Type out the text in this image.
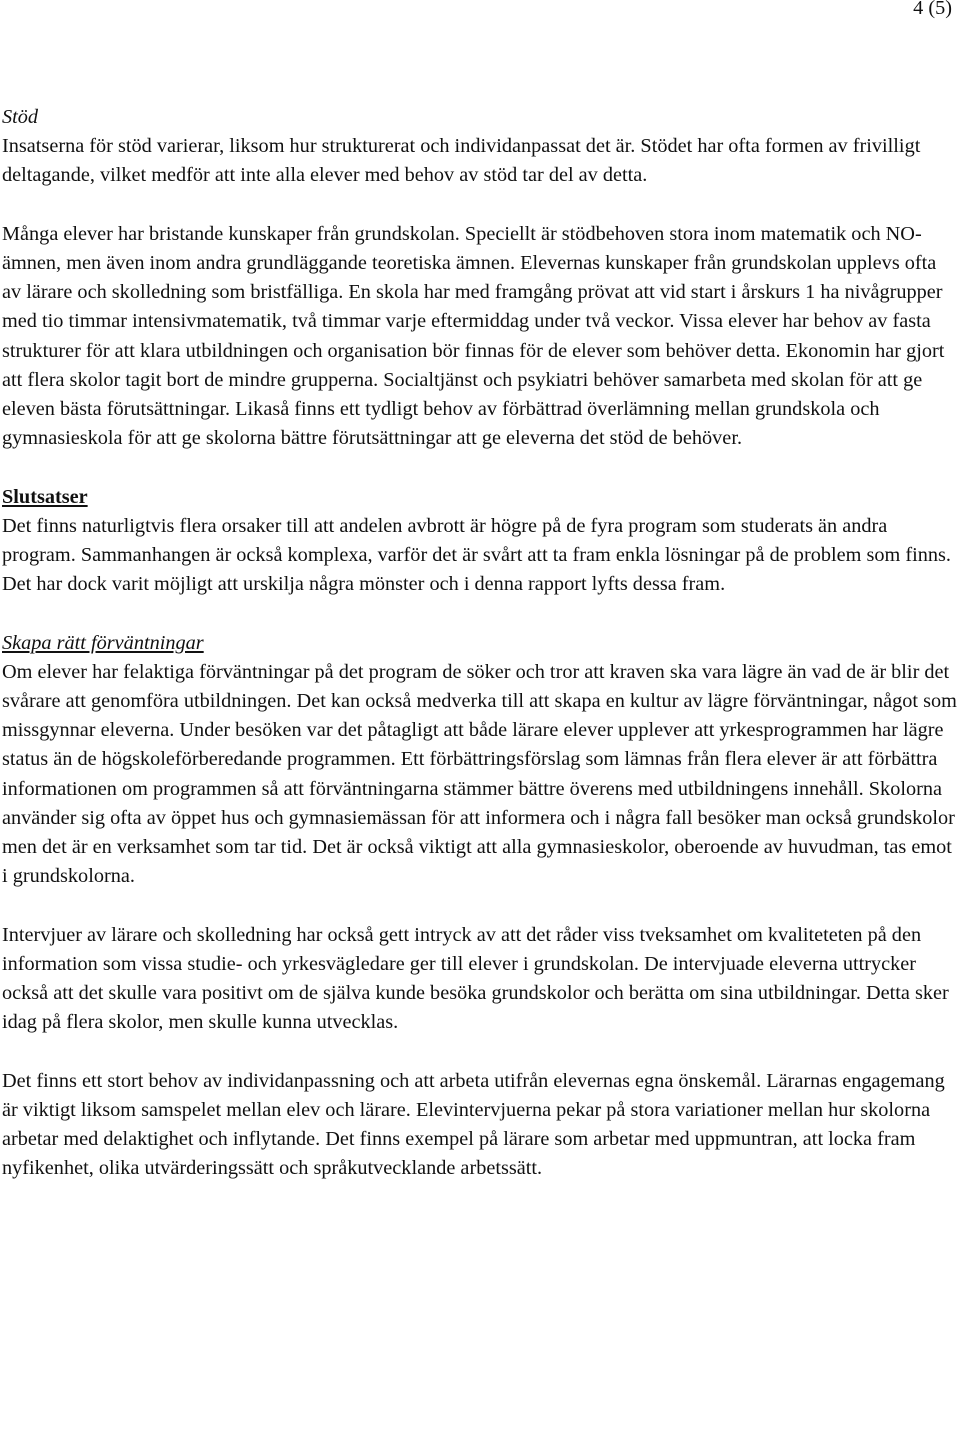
4 (5)
Stöd

Insatserna för stöd varierar, liksom hur strukturerat och individanpassat det är. Stödet har ofta formen av frivilligt deltagande, vilket medför att inte alla elever med behov av stöd tar del av detta.

Många elever har bristande kunskaper från grundskolan. Speciellt är stödbehoven stora inom matematik och NO-ämnen, men även inom andra grundläggande teoretiska ämnen. Elevernas kunskaper från grundskolan upplevs ofta av lärare och skolledning som bristfälliga. En skola har med framgång prövat att vid start i årskurs 1 ha nivågrupper med tio timmar intensivmatematik, två timmar varje eftermiddag under två veckor. Vissa elever har behov av fasta strukturer för att klara utbildningen och organisation bör finnas för de elever som behöver detta. Ekonomin har gjort att flera skolor tagit bort de mindre grupperna. Socialtjänst och psykiatri behöver samarbeta med skolan för att ge eleven bästa förutsättningar. Likaså finns ett tydligt behov av förbättrad överlämning mellan grundskola och gymnasieskola för att ge skolorna bättre förutsättningar att ge eleverna det stöd de behöver.

Slutsatser

Det finns naturligtvis flera orsaker till att andelen avbrott är högre på de fyra program som studerats än andra program. Sammanhangen är också komplexa, varför det är svårt att ta fram enkla lösningar på de problem som finns. Det har dock varit möjligt att urskilja några mönster och i denna rapport lyfts dessa fram.

Skapa rätt förväntningar

Om elever har felaktiga förväntningar på det program de söker och tror att kraven ska vara lägre än vad de är blir det svårare att genomföra utbildningen. Det kan också medverka till att skapa en kultur av lägre förväntningar, något som missgynnar eleverna. Under besöken var det påtagligt att både lärare elever upplever att yrkesprogrammen har lägre status än de högskoleförberedande programmen. Ett förbättringsförslag som lämnas från flera elever är att förbättra informationen om programmen så att förväntningarna stämmer bättre överens med utbildningens innehåll. Skolorna använder sig ofta av öppet hus och gymnasiemässan för att informera och i några fall besöker man också grundskolor men det är en verksamhet som tar tid. Det är också viktigt att alla gymnasieskolor, oberoende av huvudman, tas emot i grundskolorna.

Intervjuer av lärare och skolledning har också gett intryck av att det råder viss tveksamhet om kvaliteteten på den information som vissa studie- och yrkesvägledare ger till elever i grundskolan. De intervjuade eleverna uttrycker också att det skulle vara positivt om de själva kunde besöka grundskolor och berätta om sina utbildningar. Detta sker idag på flera skolor, men skulle kunna utvecklas.

Det finns ett stort behov av individanpassning och att arbeta utifrån elevernas egna önskemål. Lärarnas engagemang är viktigt liksom samspelet mellan elev och lärare. Elevintervjuerna pekar på stora variationer mellan hur skolorna arbetar med delaktighet och inflytande. Det finns exempel på lärare som arbetar med uppmuntran, att locka fram nyfikenhet, olika utvärderingssätt och språkutvecklande arbetssätt.
